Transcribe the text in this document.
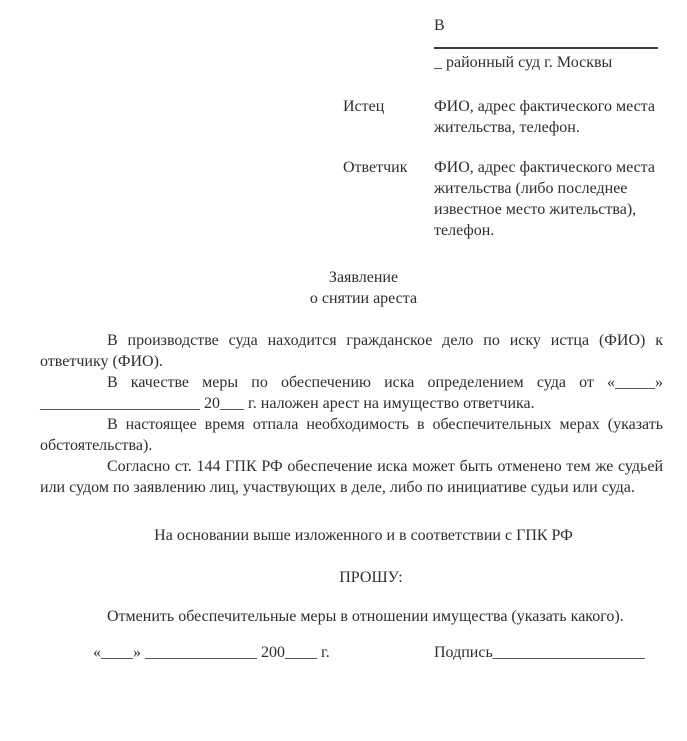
В
_ районный суд г. Москвы
Истец	ФИО, адрес фактического места жительства, телефон.
Ответчик	ФИО, адрес фактического места жительства (либо последнее известное место жительства), телефон.
Заявление
о снятии ареста

В производстве суда находится гражданское дело по иску истца (ФИО) к ответчику (ФИО).

В качестве меры по обеспечению иска определением суда от «_____» ____________________ 20___ г. наложен арест на имущество ответчика.

В настоящее время отпала необходимость в обеспечительных мерах (указать обстоятельства).

Согласно ст. 144 ГПК РФ обеспечение иска может быть отменено тем же судьей или судом по заявлению лиц, участвующих в деле, либо по инициативе судьи или суда.

На основании выше изложенного и в соответствии с ГПК РФ
ПРОШУ:

Отменить обеспечительные меры в отношении имущества (указать какого).

«____» ______________ 200____ г.	Подпись___________________
